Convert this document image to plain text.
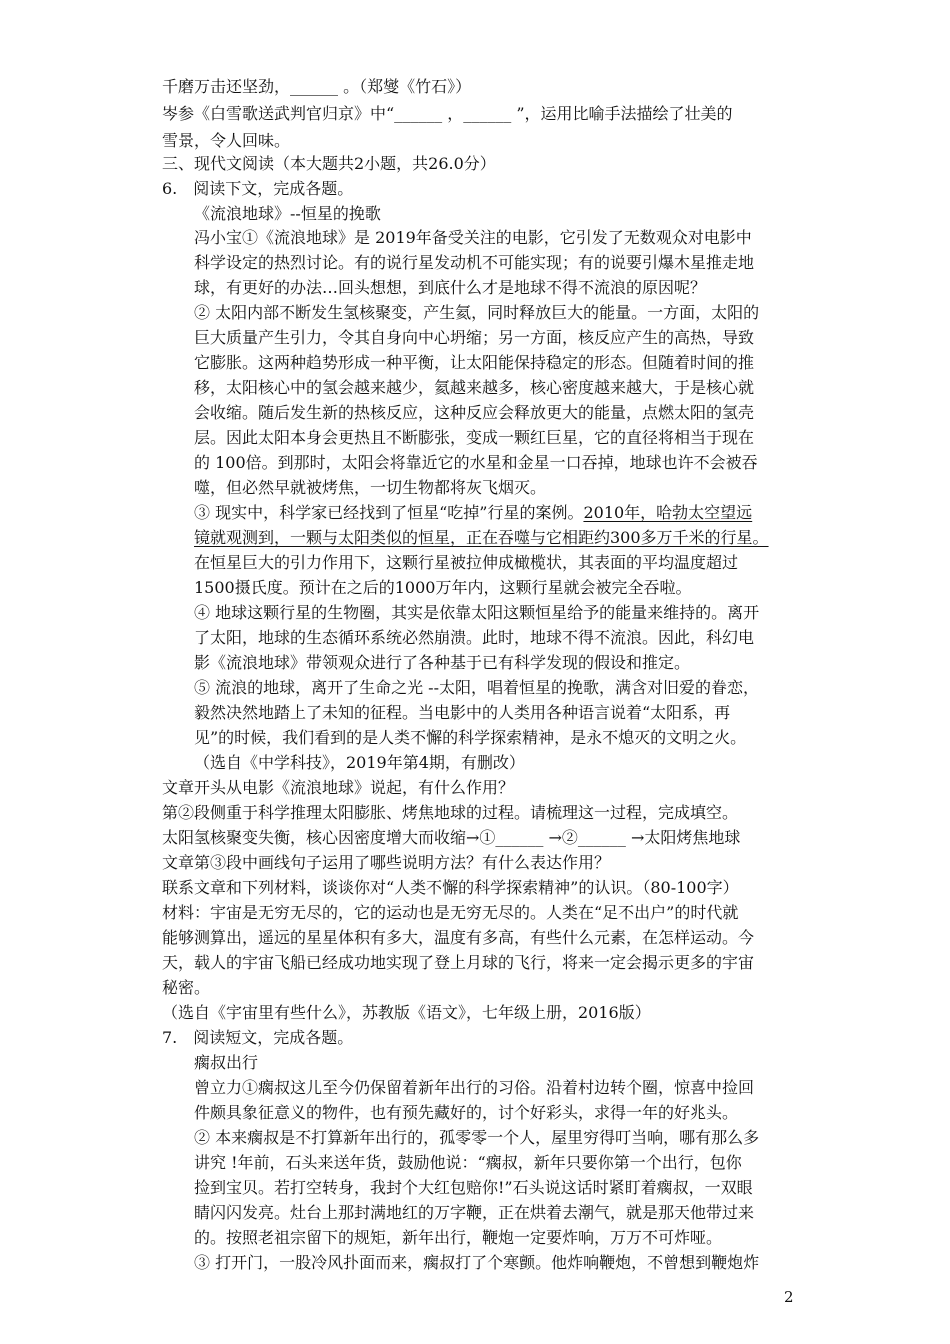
千磨万击还坚劲，______ 。（郑燮《竹石》）
岑参《白雪歌送武判官归京》中“______ ，______ ”，运用比喻手法描绘了壮美的
雪景，令人回味。
三、现代文阅读（本大题共2小题，共26.0分）
6.　阅读下文，完成各题。
《流浪地球》--恒星的挽歌
冯小宝①《流浪地球》是 2019年备受关注的电影，它引发了无数观众对电影中
科学设定的热烈讨论。有的说行星发动机不可能实现；有的说要引爆木星推走地
球，有更好的办法…回头想想，到底什么才是地球不得不流浪的原因呢？
② 太阳内部不断发生氢核聚变，产生氦，同时释放巨大的能量。一方面，太阳的
巨大质量产生引力，令其自身向中心坍缩；另一方面，核反应产生的高热，导致
它膨胀。这两种趋势形成一种平衡，让太阳能保持稳定的形态。但随着时间的推
移，太阳核心中的氢会越来越少，氦越来越多，核心密度越来越大，于是核心就
会收缩。随后发生新的热核反应，这种反应会释放更大的能量，点燃太阳的氢壳
层。因此太阳本身会更热且不断膨张，变成一颗红巨星，它的直径将相当于现在
的 100倍。到那时，太阳会将靠近它的水星和金星一口吞掉，地球也许不会被吞
噬，但必然早就被烤焦，一切生物都将灰飞烟灭。
③ 现实中，科学家已经找到了恒星“吃掉”行星的案例。2010年，哈勃太空望远
镜就观测到，一颗与太阳类似的恒星，正在吞噬与它相距约300多万千米的行星。
在恒星巨大的引力作用下，这颗行星被拉伸成橄榄状，其表面的平均温度超过
1500摄氏度。预计在之后的1000万年内，这颗行星就会被完全吞啦。
④ 地球这颗行星的生物圈，其实是依靠太阳这颗恒星给予的能量来维持的。离开
了太阳，地球的生态循环系统必然崩溃。此时，地球不得不流浪。因此，科幻电
影《流浪地球》带领观众进行了各种基于已有科学发现的假设和推定。
⑤ 流浪的地球，离开了生命之光 --太阳，唱着恒星的挽歌，满含对旧爱的眷恋，
毅然决然地踏上了未知的征程。当电影中的人类用各种语言说着“太阳系，再
见”的时候，我们看到的是人类不懈的科学探索精神，是永不熄灭的文明之火。
（选自《中学科技》，2019年第4期，有删改）
文章开头从电影《流浪地球》说起，有什么作用？
第②段侧重于科学推理太阳膨胀、烤焦地球的过程。请梳理这一过程，完成填空。
太阳氢核聚变失衡，核心因密度增大而收缩→①______ →②______ →太阳烤焦地球
文章第③段中画线句子运用了哪些说明方法？有什么表达作用？
联系文章和下列材料，谈谈你对“人类不懈的科学探索精神”的认识。（80-100字）
材料：宇宙是无穷无尽的，它的运动也是无穷无尽的。人类在“足不出户”的时代就
能够测算出，遥远的星星体积有多大，温度有多高，有些什么元素，在怎样运动。今
天，载人的宇宙飞船已经成功地实现了登上月球的飞行，将来一定会揭示更多的宇宙
秘密。
（选自《宇宙里有些什么》，苏教版《语文》，七年级上册，2016版）
7.　阅读短文，完成各题。
瘸叔出行
曾立力①瘸叔这儿至今仍保留着新年出行的习俗。沿着村边转个圈，惊喜中捡回
件颇具象征意义的物件，也有预先藏好的，讨个好彩头，求得一年的好兆头。
② 本来瘸叔是不打算新年出行的，孤零零一个人，屋里穷得叮当响，哪有那么多
讲究 !年前，石头来送年货，鼓励他说：“瘸叔，新年只要你第一个出行，包你
捡到宝贝。若打空转身，我封个大红包赔你!”石头说这话时紧盯着瘸叔，一双眼
睛闪闪发亮。灶台上那封满地红的万字鞭，正在烘着去潮气，就是那天他带过来
的。按照老祖宗留下的规矩，新年出行，鞭炮一定要炸响，万万不可炸哑。
③ 打开门，一股冷风扑面而来，瘸叔打了个寒颤。他炸响鞭炮，不曾想到鞭炮炸
2
